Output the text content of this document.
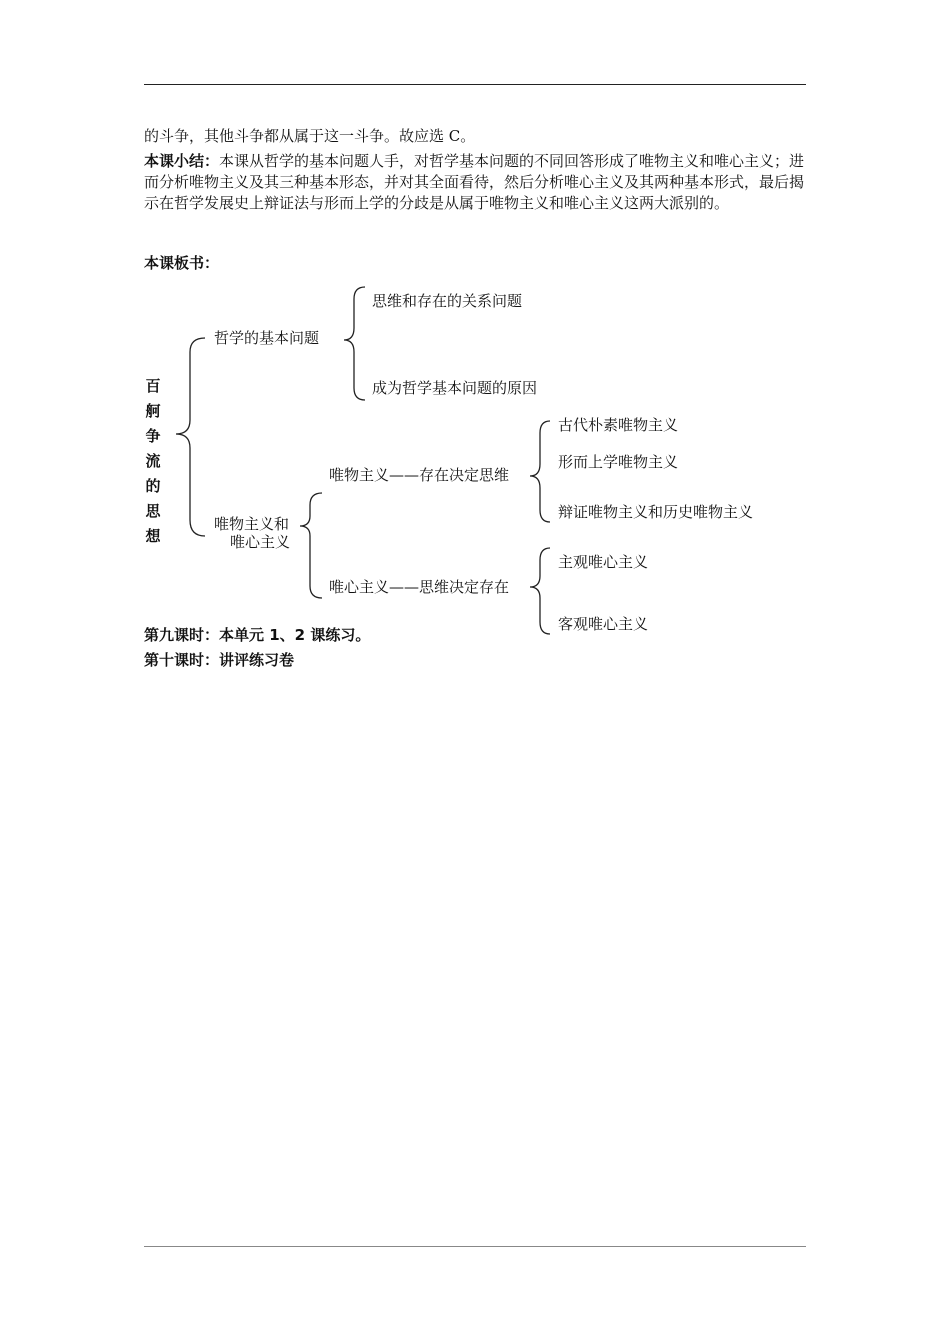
的斗争，其他斗争都从属于这一斗争。故应选 C。
本课小结：本课从哲学的基本问题人手，对哲学基本问题的不同回答形成了唯物主义和唯心主义；进而分析唯物主义及其三种基本形态，并对其全面看待，然后分析唯心主义及其两种基本形式，最后揭示在哲学发展史上辩证法与形而上学的分歧是从属于唯物主义和唯心主义这两大派别的。
本课板书：
百
舸
争
流
的
思
想
哲学的基本问题
思维和存在的关系问题
成为哲学基本问题的原因
唯物主义和
唯心主义
唯物主义——存在决定思维
古代朴素唯物主义
形而上学唯物主义
辩证唯物主义和历史唯物主义
唯心主义——思维决定存在
主观唯心主义
客观唯心主义
第九课时：本单元 1、2 课练习。
第十课时：讲评练习卷
